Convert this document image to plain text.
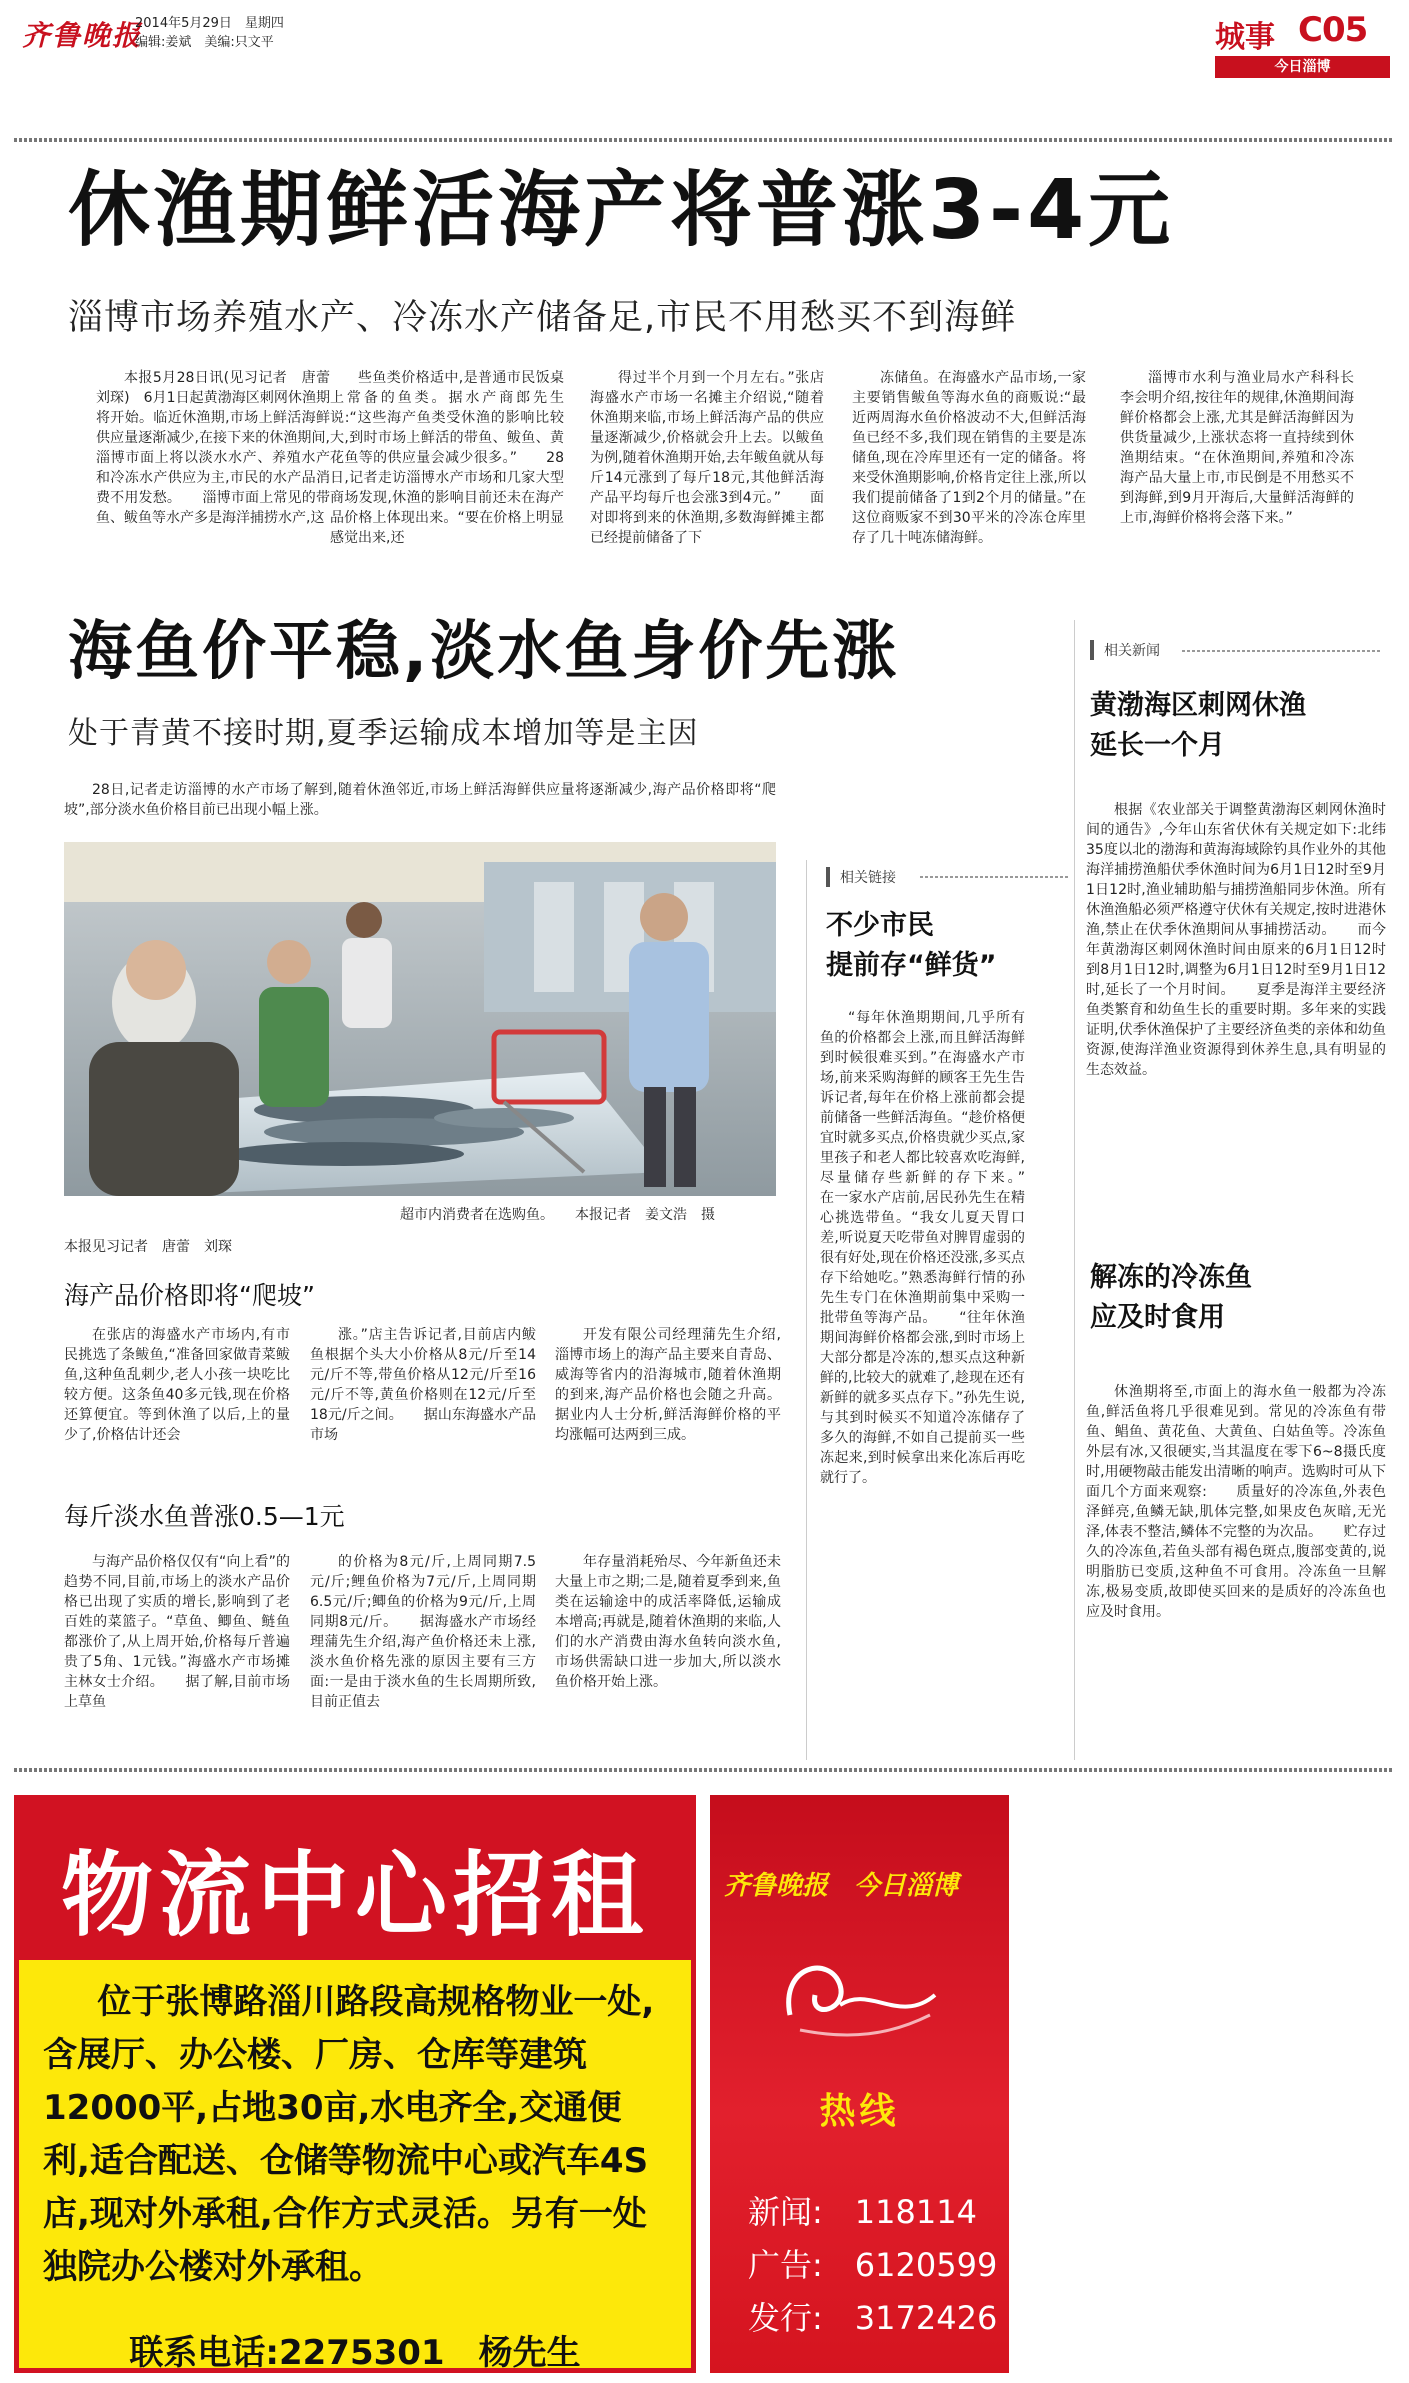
齐鲁晚报
2014年5月29日　星期四
编辑:姜斌　美编:只文平	城事 C05
今日淄博
休渔期鲜活海产将普涨3-4元
淄博市场养殖水产、冷冻水产储备足,市民不用愁买不到海鲜

本报5月28日讯(见习记者　唐蕾　刘琛)　6月1日起黄渤海区刺网休渔期将开始。临近休渔期,市场上鲜活海鲜供应量逐渐减少,在接下来的休渔期间,淄博市面上将以淡水水产、养殖水产和冷冻水产供应为主,市民的水产品消费不用发愁。　　淄博市面上常见的带鱼、鲅鱼等水产多是海洋捕捞水产,这

些鱼类价格适中,是普通市民饭桌上常备的鱼类。据水产商郎先生说:“这些海产鱼类受休渔的影响比较大,到时市场上鲜活的带鱼、鲅鱼、黄花鱼等的供应量会减少很多。”　　28日,记者走访淄博水产市场和几家大型商场发现,休渔的影响目前还未在海产品价格上体现出来。“要在价格上明显感觉出来,还

得过半个月到一个月左右。”张店海盛水产市场一名摊主介绍说,“随着休渔期来临,市场上鲜活海产品的供应量逐渐减少,价格就会升上去。以鲅鱼为例,随着休渔期开始,去年鲅鱼就从每斤14元涨到了每斤18元,其他鲜活海产品平均每斤也会涨3到4元。”　　面对即将到来的休渔期,多数海鲜摊主都已经提前储备了下

冻储鱼。在海盛水产品市场,一家主要销售鲅鱼等海水鱼的商贩说:“最近两周海水鱼价格波动不大,但鲜活海鱼已经不多,我们现在销售的主要是冻储鱼,现在冷库里还有一定的储备。将来受休渔期影响,价格肯定往上涨,所以我们提前储备了1到2个月的储量。”在这位商贩家不到30平米的冷冻仓库里存了几十吨冻储海鲜。

淄博市水利与渔业局水产科科长李会明介绍,按往年的规律,休渔期间海鲜价格都会上涨,尤其是鲜活海鲜因为供货量减少,上涨状态将一直持续到休渔期结束。“在休渔期间,养殖和冷冻海产品大量上市,市民倒是不用愁买不到海鲜,到9月开海后,大量鲜活海鲜的上市,海鲜价格将会落下来。”

海鱼价平稳,淡水鱼身价先涨
处于青黄不接时期,夏季运输成本增加等是主因

28日,记者走访淄博的水产市场了解到,随着休渔邻近,市场上鲜活海鲜供应量将逐渐减少,海产品价格即将“爬坡”,部分淡水鱼价格目前已出现小幅上涨。

超市内消费者在选购鱼。　　本报记者　姜文浩　摄
本报见习记者　唐蕾　刘琛
海产品价格即将“爬坡”

在张店的海盛水产市场内,有市民挑选了条鲅鱼,“准备回家做青菜鲅鱼,这种鱼乱刺少,老人小孩一块吃比较方便。这条鱼40多元钱,现在价格还算便宜。等到休渔了以后,上的量少了,价格估计还会

涨。”店主告诉记者,目前店内鲅鱼根据个头大小价格从8元/斤至14元/斤不等,带鱼价格从12元/斤至16元/斤不等,黄鱼价格则在12元/斤至18元/斤之间。　　据山东海盛水产品市场

开发有限公司经理蒲先生介绍,淄博市场上的海产品主要来自青岛、威海等省内的沿海城市,随着休渔期的到来,海产品价格也会随之升高。据业内人士分析,鲜活海鲜价格的平均涨幅可达两到三成。

每斤淡水鱼普涨0.5—1元

与海产品价格仅仅有“向上看”的趋势不同,目前,市场上的淡水产品价格已出现了实质的增长,影响到了老百姓的菜篮子。“草鱼、鲫鱼、鲢鱼都涨价了,从上周开始,价格每斤普遍贵了5角、1元钱。”海盛水产市场摊主林女士介绍。　　据了解,目前市场上草鱼

的价格为8元/斤,上周同期7.5元/斤;鲤鱼价格为7元/斤,上周同期6.5元/斤;鲫鱼的价格为9元/斤,上周同期8元/斤。　　据海盛水产市场经理蒲先生介绍,海产鱼价格还未上涨,淡水鱼价格先涨的原因主要有三方面:一是由于淡水鱼的生长周期所致,目前正值去

年存量消耗殆尽、今年新鱼还未大量上市之期;二是,随着夏季到来,鱼类在运输途中的成活率降低,运输成本增高;再就是,随着休渔期的来临,人们的水产消费由海水鱼转向淡水鱼,市场供需缺口进一步加大,所以淡水鱼价格开始上涨。

相关链接
不少市民
提前存“鲜货”

“每年休渔期期间,几乎所有鱼的价格都会上涨,而且鲜活海鲜到时候很难买到。”在海盛水产市场,前来采购海鲜的顾客王先生告诉记者,每年在价格上涨前都会提前储备一些鲜活海鱼。“趁价格便宜时就多买点,价格贵就少买点,家里孩子和老人都比较喜欢吃海鲜,尽量储存些新鲜的存下来。”　　在一家水产店前,居民孙先生在精心挑选带鱼。“我女儿夏天胃口差,听说夏天吃带鱼对脾胃虚弱的很有好处,现在价格还没涨,多买点存下给她吃。”熟悉海鲜行情的孙先生专门在休渔期前集中采购一批带鱼等海产品。　　“往年休渔期间海鲜价格都会涨,到时市场上大部分都是冷冻的,想买点这种新鲜的,比较大的就难了,趁现在还有新鲜的就多买点存下。”孙先生说,与其到时候买不知道冷冻储存了多久的海鲜,不如自己提前买一些冻起来,到时候拿出来化冻后再吃就行了。

相关新闻
黄渤海区刺网休渔
延长一个月

根据《农业部关于调整黄渤海区刺网休渔时间的通告》,今年山东省伏休有关规定如下:北纬35度以北的渤海和黄海海域除钓具作业外的其他海洋捕捞渔船伏季休渔时间为6月1日12时至9月1日12时,渔业辅助船与捕捞渔船同步休渔。所有休渔渔船必须严格遵守伏休有关规定,按时进港休渔,禁止在伏季休渔期间从事捕捞活动。　　而今年黄渤海区刺网休渔时间由原来的6月1日12时到8月1日12时,调整为6月1日12时至9月1日12时,延长了一个月时间。　　夏季是海洋主要经济鱼类繁育和幼鱼生长的重要时期。多年来的实践证明,伏季休渔保护了主要经济鱼类的亲体和幼鱼资源,使海洋渔业资源得到休养生息,具有明显的生态效益。

解冻的冷冻鱼
应及时食用

休渔期将至,市面上的海水鱼一般都为冷冻鱼,鲜活鱼将几乎很难见到。常见的冷冻鱼有带鱼、鲳鱼、黄花鱼、大黄鱼、白姑鱼等。冷冻鱼外层有冰,又很硬实,当其温度在零下6~8摄氏度时,用硬物敲击能发出清晰的响声。选购时可从下面几个方面来观察:　　质量好的冷冻鱼,外表色泽鲜亮,鱼鳞无缺,肌体完整,如果皮色灰暗,无光泽,体表不整洁,鳞体不完整的为次品。　　贮存过久的冷冻鱼,若鱼头部有褐色斑点,腹部变黄的,说明脂肪已变质,这种鱼不可食用。冷冻鱼一旦解冻,极易变质,故即使买回来的是质好的冷冻鱼也应及时食用。

物流中心招租
位于张博路淄川路段高规格物业一处,含展厅、办公楼、厂房、仓库等建筑12000平,占地30亩,水电齐全,交通便利,适合配送、仓储等物流中心或汽车4S店,现对外承租,合作方式灵活。另有一处独院办公楼对外承租。
联系电话:2275301　杨先生
齐鲁晚报　今日淄博
热线
新闻:　118114
广告:　6120599
发行:　3172426
